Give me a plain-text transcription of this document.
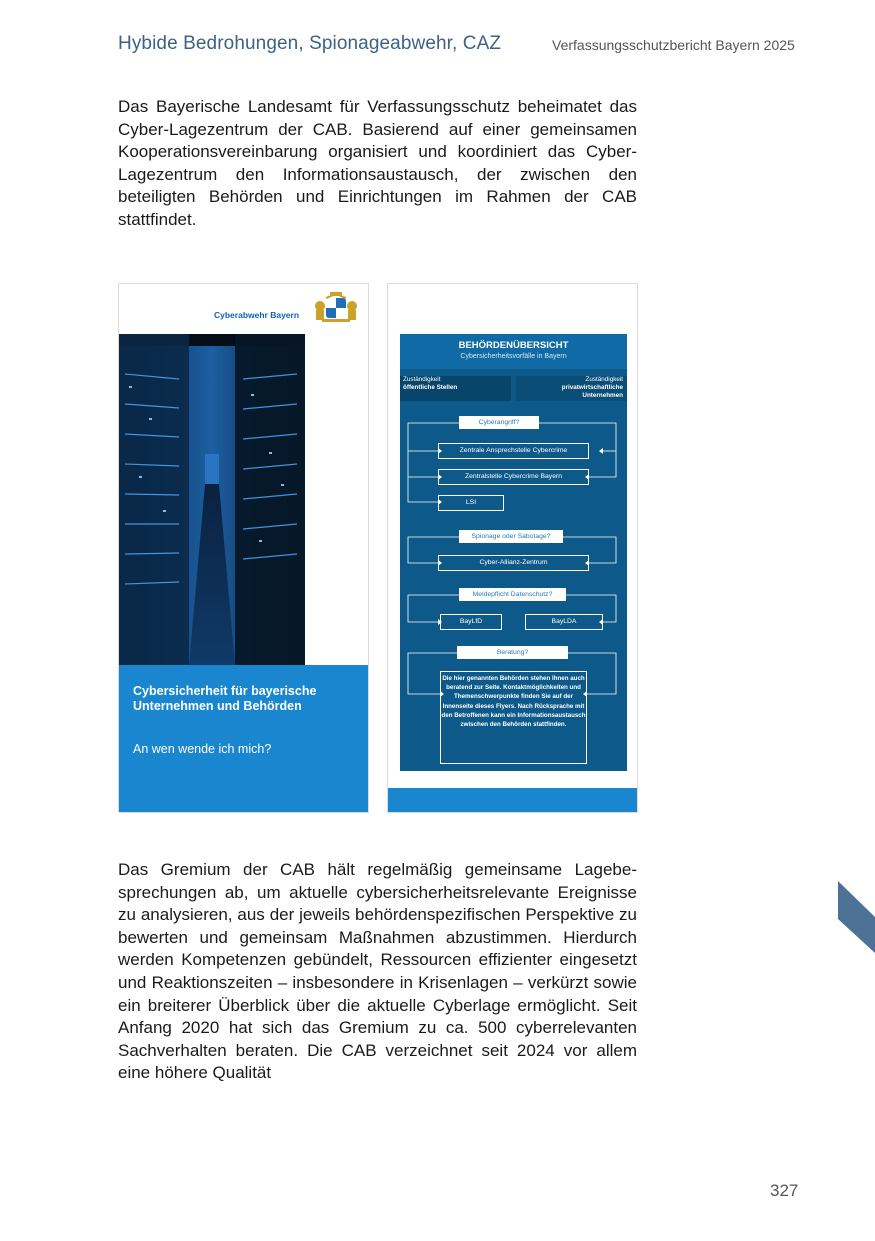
Hybide Bedrohungen, Spionageabwehr, CAZ	Verfassungsschutzbericht Bayern 2025

Das Bayerische Landesamt für Verfassungsschutz beheimatet das Cyber-Lagezentrum der CAB. Basierend auf einer gemeinsamen Kooperationsvereinbarung organisiert und koordiniert das Cyber-Lagezentrum den Informationsaustausch, der zwischen den beteiligten Behörden und Einrichtungen im Rahmen der CAB stattfindet.

Cyberabwehr Bayern
Cybersicherheit für bayerische Unternehmen und Behörden
An wen wende ich mich?
BEHÖRDENÜBERSICHT
Cybersicherheitsvorfälle in Bayern
Zuständigkeit
öffentliche Stellen
Zuständigkeit
privatwirtschaftliche
Unternehmen
Cyberangriff?
Zentrale Ansprechstelle Cybercrime
Zentralstelle Cybercrime Bayern
LSI
Spionage oder Sabotage?
Cyber-Allianz-Zentrum
Meldepflicht Datenschutz?
BayLfD	BayLDA
Beratung?
Die hier genannten Behörden stehen Ihnen auch beratend zur Seite. Kontaktmöglichkeiten und Themenschwerpunkte finden Sie auf der Innenseite dieses Flyers. Nach Rücksprache mit den Betroffenen kann ein Informationsaustausch zwischen den Behörden stattfinden.

Das Gremium der CAB hält regelmäßig gemeinsame Lagebesprechungen ab, um aktuelle cybersicherheitsrelevante Ereignisse zu analysieren, aus der jeweils behördenspezifischen Perspektive zu bewerten und gemeinsam Maßnahmen abzustimmen. Hierdurch werden Kompetenzen gebündelt, Ressourcen effizienter eingesetzt und Reaktionszeiten – insbesondere in Krisenlagen – verkürzt sowie ein breiterer Überblick über die aktuelle Cyberlage ermöglicht. Seit Anfang 2020 hat sich das Gremium zu ca. 500 cyberrelevanten Sachverhalten beraten. Die CAB verzeichnet seit 2024 vor allem eine höhere Qualität

327
